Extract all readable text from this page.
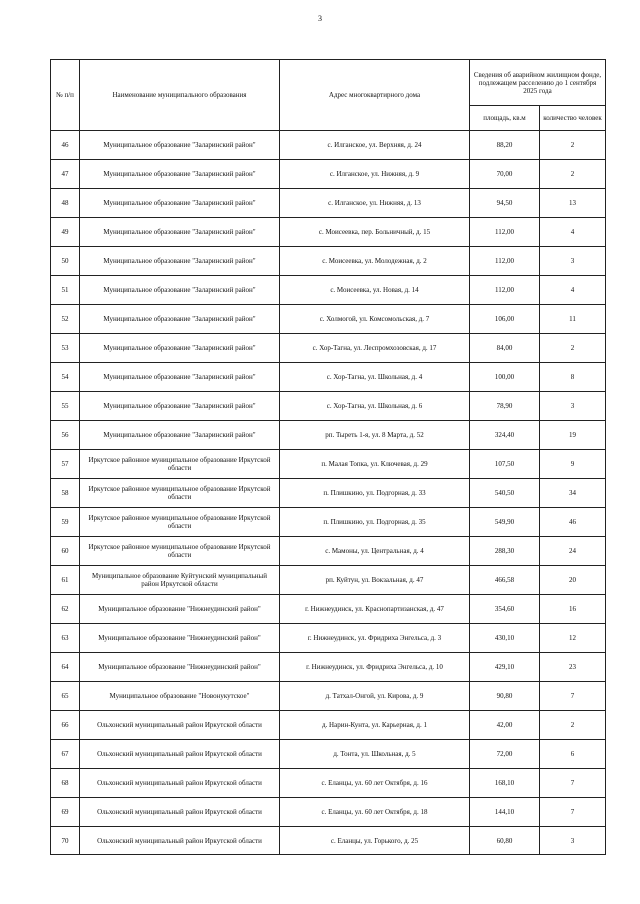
3
№ п/п	Наименование муниципального образования	Адрес многоквартирного дома	Сведения об аварийном жилищном фонде, подлежащем расселению до 1 сентября 2025 года	
			площадь, кв.м	количество человек
46	Муниципальное образование "Заларинский район"	с. Илганское, ул. Верхняя, д. 24	88,20	2
47	Муниципальное образование "Заларинский район"	с. Илганское, ул. Нижняя, д. 9	70,00	2
48	Муниципальное образование "Заларинский район"	с. Илганское, ул. Нижняя, д. 13	94,50	13
49	Муниципальное образование "Заларинский район"	с. Моисеевка, пер. Больничный, д. 15	112,00	4
50	Муниципальное образование "Заларинский район"	с. Моисеевка, ул. Молодежная, д. 2	112,00	3
51	Муниципальное образование "Заларинский район"	с. Моисеевка, ул. Новая, д. 14	112,00	4
52	Муниципальное образование "Заларинский район"	с. Холмогой, ул. Комсомольская, д. 7	106,00	11
53	Муниципальное образование "Заларинский район"	с. Хор-Тагна, ул. Леспромхозовская, д. 17	84,00	2
54	Муниципальное образование "Заларинский район"	с. Хор-Тагна, ул. Школьная, д. 4	100,00	8
55	Муниципальное образование "Заларинский район"	с. Хор-Тагна, ул. Школьная, д. 6	78,90	3
56	Муниципальное образование "Заларинский район"	рп. Тыреть 1-я, ул. 8 Марта, д. 52	324,40	19
57	Иркутское районное муниципальное образование Иркутской области	п. Малая Топка, ул. Ключевая, д. 29	107,50	9
58	Иркутское районное муниципальное образование Иркутской области	п. Плишкино, ул. Подгорная, д. 33	540,50	34
59	Иркутское районное муниципальное образование Иркутской области	п. Плишкино, ул. Подгорная, д. 35	549,90	46
60	Иркутское районное муниципальное образование Иркутской области	с. Мамоны, ул. Центральная, д. 4	288,30	24
61	Муниципальное образование Куйтунский муниципальный район Иркутской области	рп. Куйтун, ул. Вокзальная, д. 47	466,58	20
62	Муниципальное образование "Нижнеудинский район"	г. Нижнеудинск, ул. Краснопартизанская, д. 47	354,60	16
63	Муниципальное образование "Нижнеудинский район"	г. Нижнеудинск, ул. Фридриха Энгельса, д. 3	430,10	12
64	Муниципальное образование "Нижнеудинский район"	г. Нижнеудинск, ул. Фридриха Энгельса, д. 10	429,10	23
65	Муниципальное образование "Новонукутское"	д. Татхал-Онгой, ул. Кирова, д. 9	90,80	7
66	Ольхонский муниципальный район Иркутской области	д. Нарин-Кунта, ул. Карьерная, д. 1	42,00	2
67	Ольхонский муниципальный район Иркутской области	д. Тонта, ул. Школьная, д. 5	72,00	6
68	Ольхонский муниципальный район Иркутской области	с. Еланцы, ул. 60 лет Октября, д. 16	168,10	7
69	Ольхонский муниципальный район Иркутской области	с. Еланцы, ул. 60 лет Октября, д. 18	144,10	7
70	Ольхонский муниципальный район Иркутской области	с. Еланцы, ул. Горького, д. 25	60,80	3
